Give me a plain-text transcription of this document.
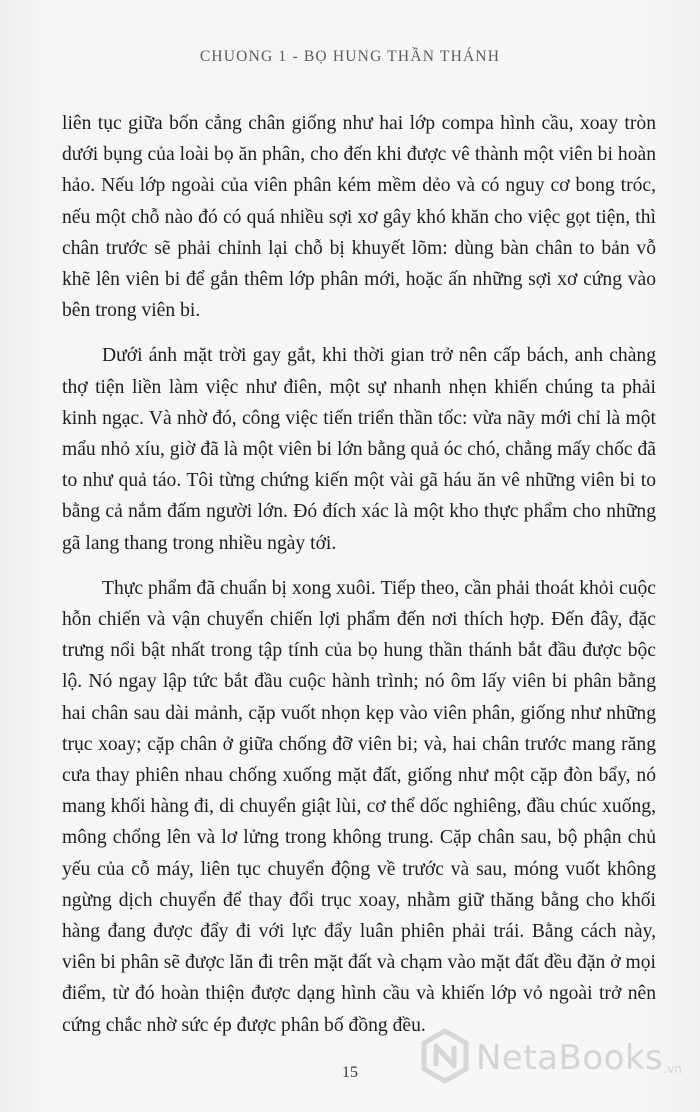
CHUONG 1 - BỌ HUNG THẦN THÁNH

liên tục giữa bốn cẳng chân giống như hai lớp compa hình cầu, xoay tròn dưới bụng của loài bọ ăn phân, cho đến khi được vê thành một viên bi hoàn hảo. Nếu lớp ngoài của viên phân kém mềm dẻo và có nguy cơ bong tróc, nếu một chỗ nào đó có quá nhiều sợi xơ gây khó khăn cho việc gọt tiện, thì chân trước sẽ phải chỉnh lại chỗ bị khuyết lõm: dùng bàn chân to bản vỗ khẽ lên viên bi để gắn thêm lớp phân mới, hoặc ấn những sợi xơ cứng vào bên trong viên bi.

Dưới ánh mặt trời gay gắt, khi thời gian trở nên cấp bách, anh chàng thợ tiện liền làm việc như điên, một sự nhanh nhẹn khiến chúng ta phải kinh ngạc. Và nhờ đó, công việc tiến triển thần tốc: vừa nãy mới chỉ là một mẩu nhỏ xíu, giờ đã là một viên bi lớn bằng quả óc chó, chẳng mấy chốc đã to như quả táo. Tôi từng chứng kiến một vài gã háu ăn vê những viên bi to bằng cả nắm đấm người lớn. Đó đích xác là một kho thực phẩm cho những gã lang thang trong nhiều ngày tới.

Thực phẩm đã chuẩn bị xong xuôi. Tiếp theo, cần phải thoát khỏi cuộc hỗn chiến và vận chuyển chiến lợi phẩm đến nơi thích hợp. Đến đây, đặc trưng nổi bật nhất trong tập tính của bọ hung thần thánh bắt đầu được bộc lộ. Nó ngay lập tức bắt đầu cuộc hành trình; nó ôm lấy viên bi phân bằng hai chân sau dài mảnh, cặp vuốt nhọn kẹp vào viên phân, giống như những trục xoay; cặp chân ở giữa chống đỡ viên bi; và, hai chân trước mang răng cưa thay phiên nhau chống xuống mặt đất, giống như một cặp đòn bẩy, nó mang khối hàng đi, di chuyển giật lùi, cơ thể dốc nghiêng, đầu chúc xuống, mông chổng lên và lơ lửng trong không trung. Cặp chân sau, bộ phận chủ yếu của cỗ máy, liên tục chuyển động về trước và sau, móng vuốt không ngừng dịch chuyển để thay đổi trục xoay, nhằm giữ thăng bằng cho khối hàng đang được đẩy đi với lực đẩy luân phiên phải trái. Bằng cách này, viên bi phân sẽ được lăn đi trên mặt đất và chạm vào mặt đất đều đặn ở mọi điểm, từ đó hoàn thiện được dạng hình cầu và khiến lớp vỏ ngoài trở nên cứng chắc nhờ sức ép được phân bố đồng đều.

15	NetaBooks .vn
